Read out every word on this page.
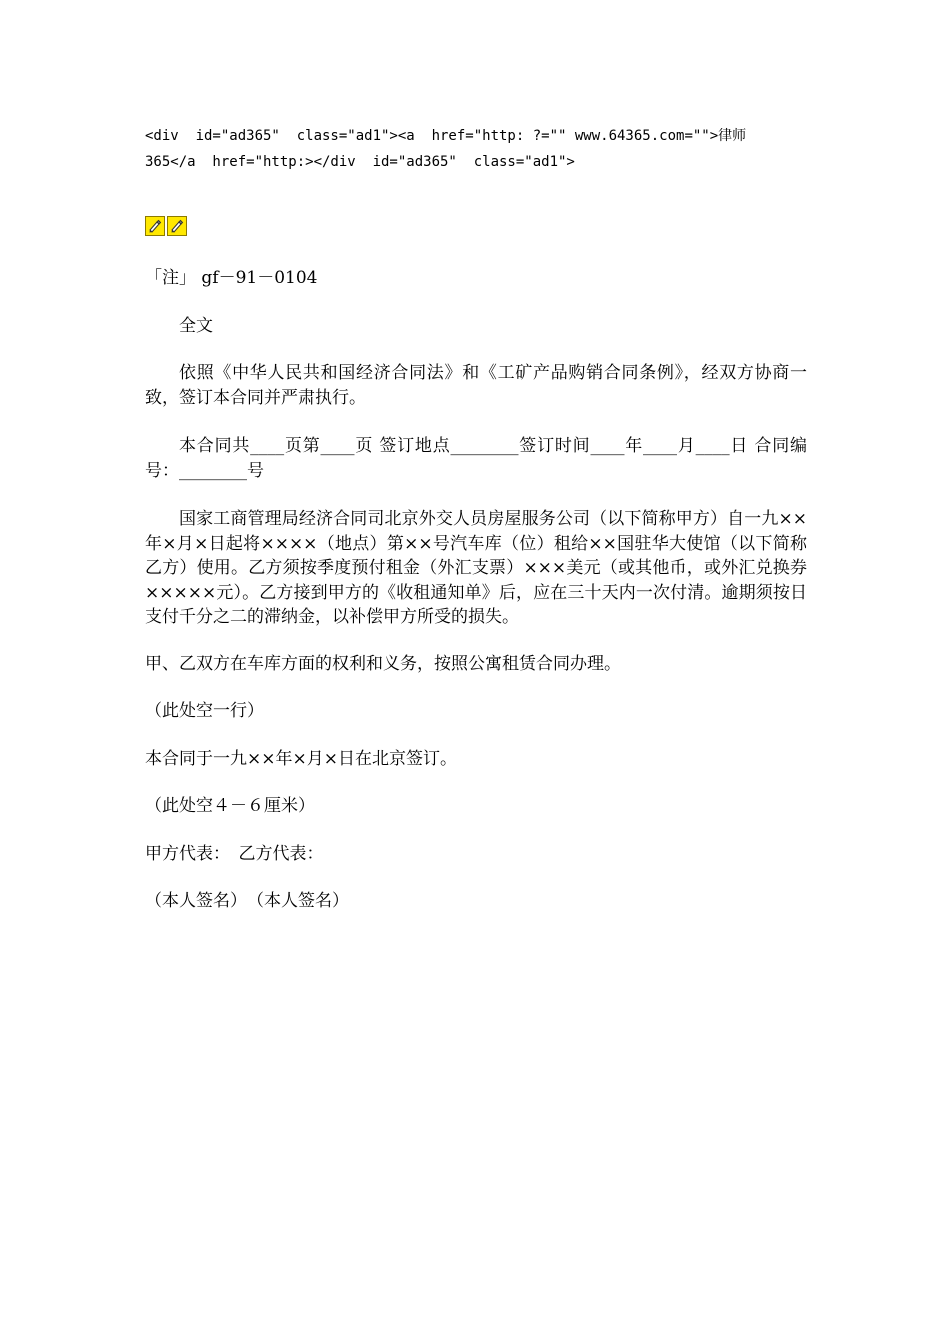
<div  id="ad365"  class="ad1"><a  href="http: ?="" www.64365.com="">律师
365</a  href="http:></div  id="ad365"  class="ad1">
「注」 gf－91－0104
全文
依照《中华人民共和国经济合同法》和《工矿产品购销合同条例》，经双方协商一致，签订本合同并严肃执行。
本合同共____页第____页 签订地点________签订时间____年____月____日 合同编号：________号
国家工商管理局经济合同司北京外交人员房屋服务公司（以下简称甲方）自一九××年×月×日起将××××（地点）第××号汽车库（位）租给××国驻华大使馆（以下简称乙方）使用。乙方须按季度预付租金（外汇支票）×××美元（或其他币，或外汇兑换券×××××元）。乙方接到甲方的《收租通知单》后，应在三十天内一次付清。逾期须按日支付千分之二的滞纳金，以补偿甲方所受的损失。
甲、乙双方在车库方面的权利和义务，按照公寓租赁合同办理。
（此处空一行）
本合同于一九××年×月×日在北京签订。
（此处空４－６厘米）
甲方代表：　乙方代表：
（本人签名）　（本人签名）
